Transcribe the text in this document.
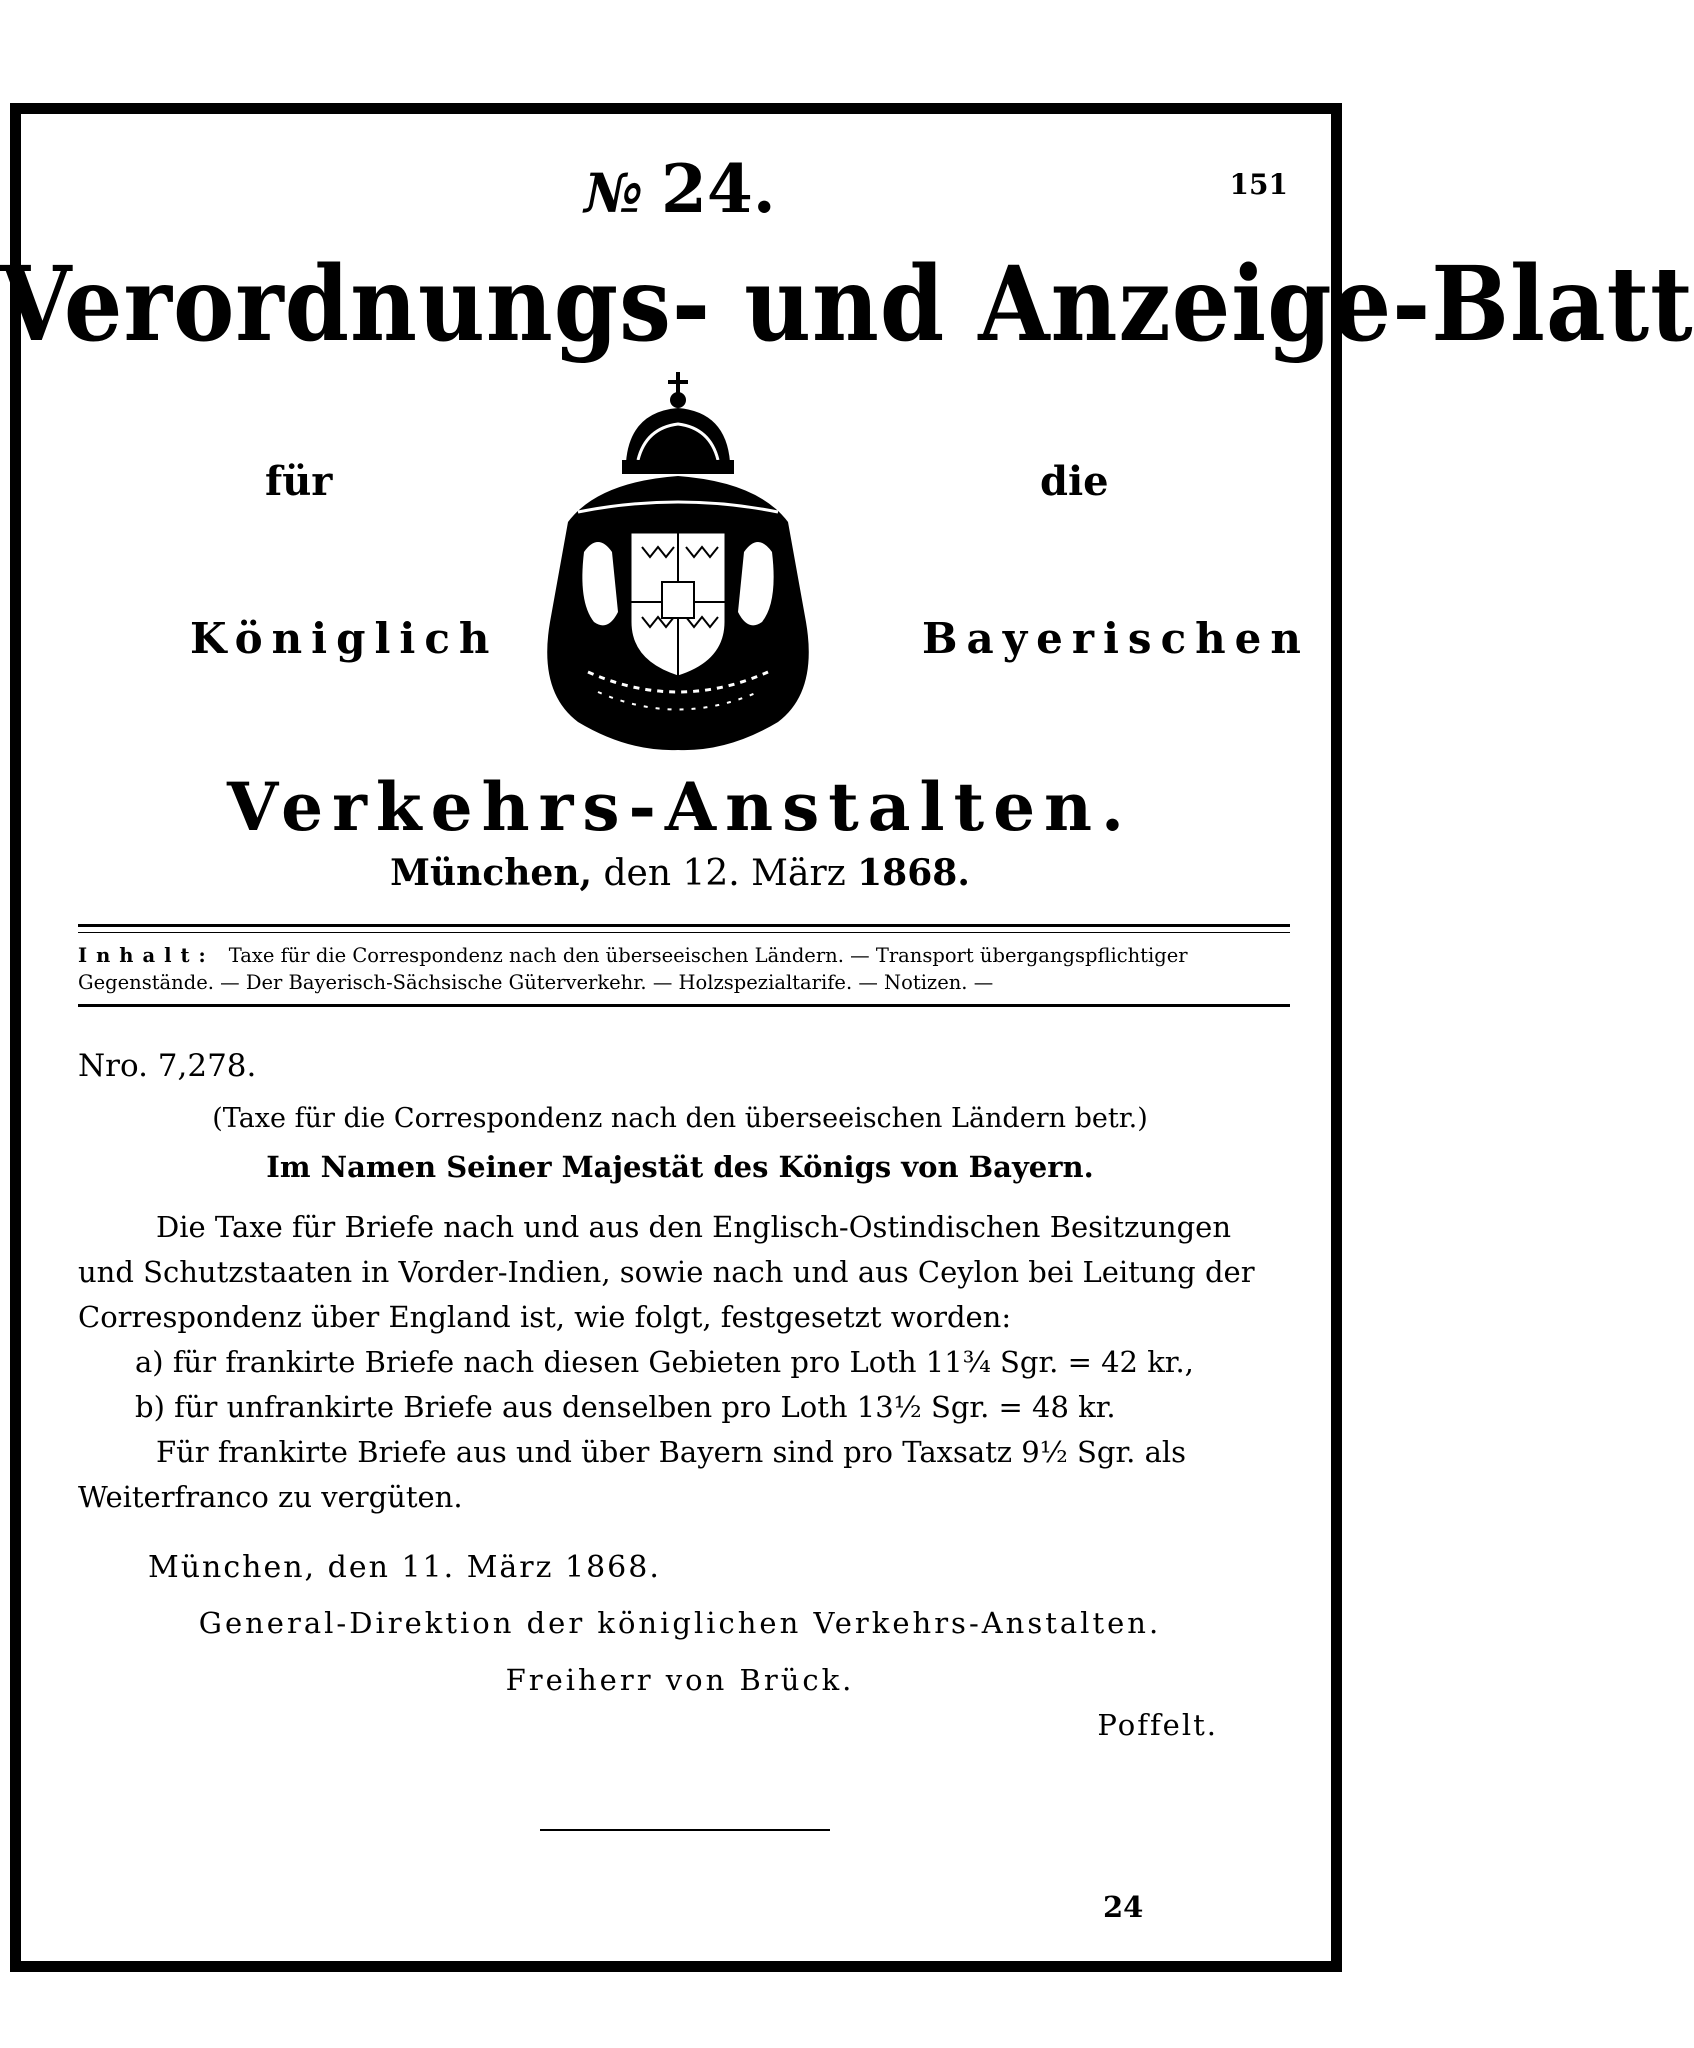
№ 24.	151
Verordnungs- und Anzeige-Blatt
für	die
Königlich	Bayerischen
Verkehrs-Anstalten.
München, den 12. März 1868.
Inhalt: Taxe für die Correspondenz nach den überseeischen Ländern. — Transport übergangspflichtiger Gegenstände. — Der Bayerisch-Sächsische Güterverkehr. — Holzspezialtarife. — Notizen. —
Nro. 7,278.
(Taxe für die Correspondenz nach den überseeischen Ländern betr.)
Im Namen Seiner Majestät des Königs von Bayern.

Die Taxe für Briefe nach und aus den Englisch-Ostindischen Besitzungen und Schutzstaaten in Vorder-Indien, sowie nach und aus Ceylon bei Leitung der Correspondenz über England ist, wie folgt, festgesetzt worden:

a) für frankirte Briefe nach diesen Gebieten pro Loth 11¾ Sgr. = 42 kr.,

b) für unfrankirte Briefe aus denselben pro Loth 13½ Sgr. = 48 kr.

Für frankirte Briefe aus und über Bayern sind pro Taxsatz 9½ Sgr. als Weiterfranco zu vergüten.

München, den 11. März 1868.
General-Direktion der königlichen Verkehrs-Anstalten.
Freiherr von Brück.
Poffelt.
24
